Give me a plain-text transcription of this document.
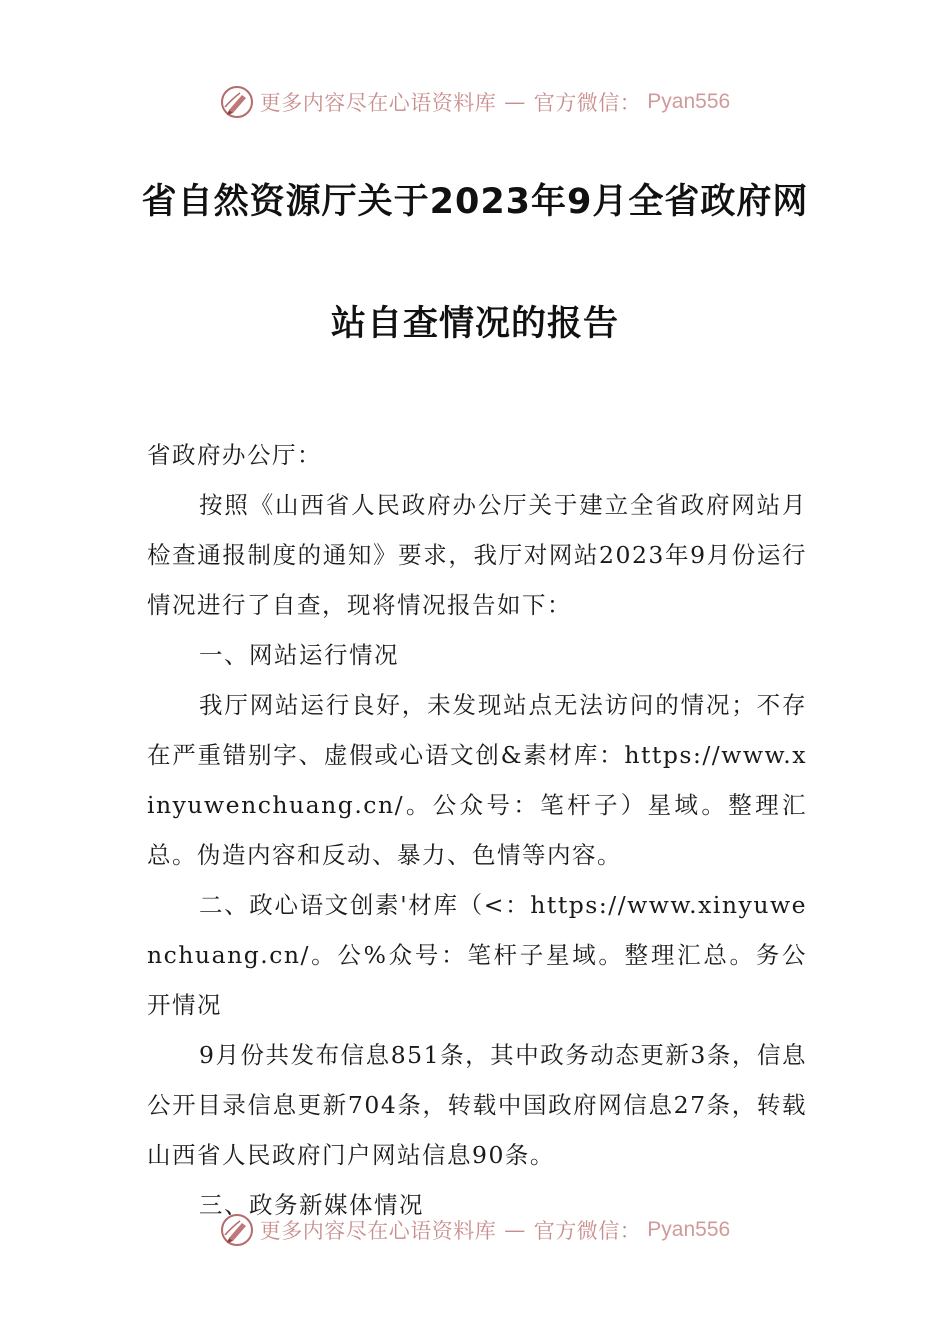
更多内容尽在心语资料库 — 官方微信： Pyan556
省自然资源厅关于2023年9月全省政府网
站自查情况的报告

省政府办公厅：

按照《山西省人民政府办公厅关于建立全省政府网站月检查通报制度的通知》要求，我厅对网站2023年9月份运行情况进行了自查，现将情况报告如下：

一、网站运行情况

我厅网站运行良好，未发现站点无法访问的情况；不存在严重错别字、虚假或心语文创&素材库：https://www.xinyuwenchuang.cn/。公众号：笔杆子）星域。整理汇总。伪造内容和反动、暴力、色情等内容。

二、政心语文创素'材库（<：https://www.xinyuwenchuang.cn/。公%众号：笔杆子星域。整理汇总。务公开情况

9月份共发布信息851条，其中政务动态更新3条，信息公开目录信息更新704条，转载中国政府网信息27条，转载山西省人民政府门户网站信息90条。

三、政务新媒体情况

更多内容尽在心语资料库 — 官方微信： Pyan556
